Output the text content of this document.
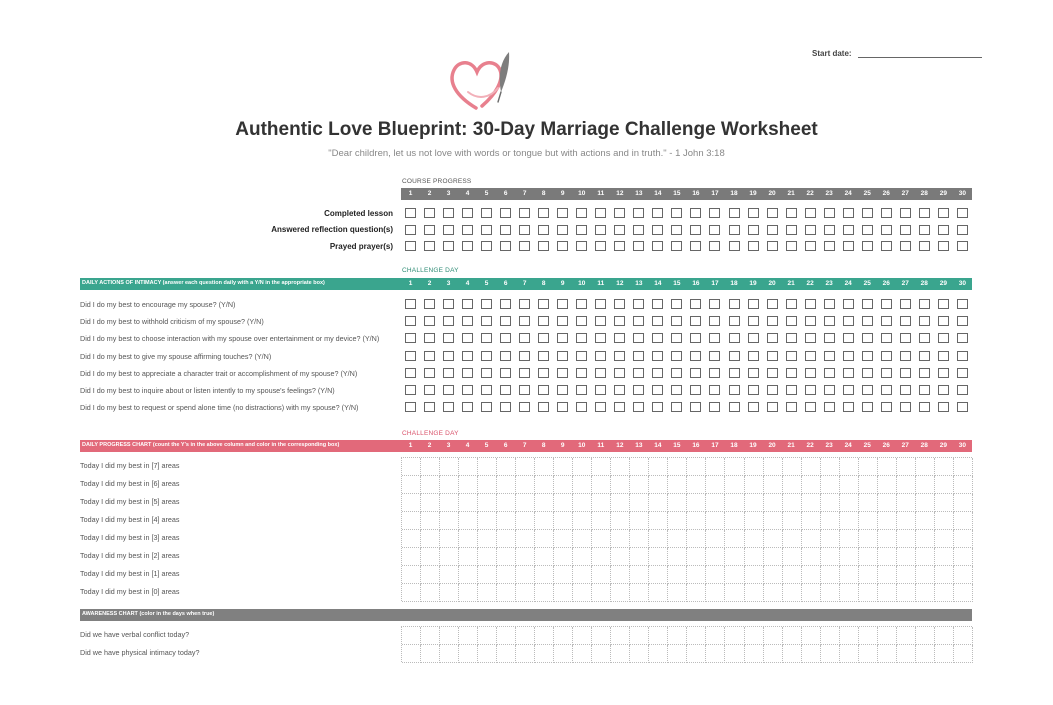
Start date:
Authentic Love Blueprint: 30-Day Marriage Challenge Worksheet
"Dear children, let us not love with words or tongue but with actions and in truth." - 1 John 3:18
COURSE PROGRESS
1	2	3	4	5	6	7	8	9	10	11	12	13	14	15	16	17	18	19	20	21	22	23	24	25	26	27	28	29	30
Completed lesson
Answered reflection question(s)
Prayed prayer(s)
CHALLENGE DAY
DAILY ACTIONS OF INTIMACY (answer each question daily with a Y/N in the appropriate box)	1	2	3	4	5	6	7	8	9	10	11	12	13	14	15	16	17	18	19	20	21	22	23	24	25	26	27	28	29	30
Did I do my best to encourage my spouse? (Y/N)
Did I do my best to withhold criticism of my spouse? (Y/N)
Did I do my best to choose interaction with my spouse over entertainment or my device? (Y/N)
Did I do my best to give my spouse affirming touches? (Y/N)
Did I do my best to appreciate a character trait or accomplishment of my spouse? (Y/N)
Did I do my best to inquire about or listen intently to my spouse's feelings? (Y/N)
Did I do my best to request or spend alone time (no distractions) with my spouse? (Y/N)
CHALLENGE DAY
DAILY PROGRESS CHART (count the Y's in the above column and color in the corresponding box)	1	2	3	4	5	6	7	8	9	10	11	12	13	14	15	16	17	18	19	20	21	22	23	24	25	26	27	28	29	30
Today I did my best in [7] areas
Today I did my best in [6] areas
Today I did my best in [5] areas
Today I did my best in [4] areas
Today I did my best in [3] areas
Today I did my best in [2] areas
Today I did my best in [1] areas
Today I did my best in [0] areas
AWARENESS CHART (color in the days when true)
Did we have verbal conflict today?
Did we have physical intimacy today?
